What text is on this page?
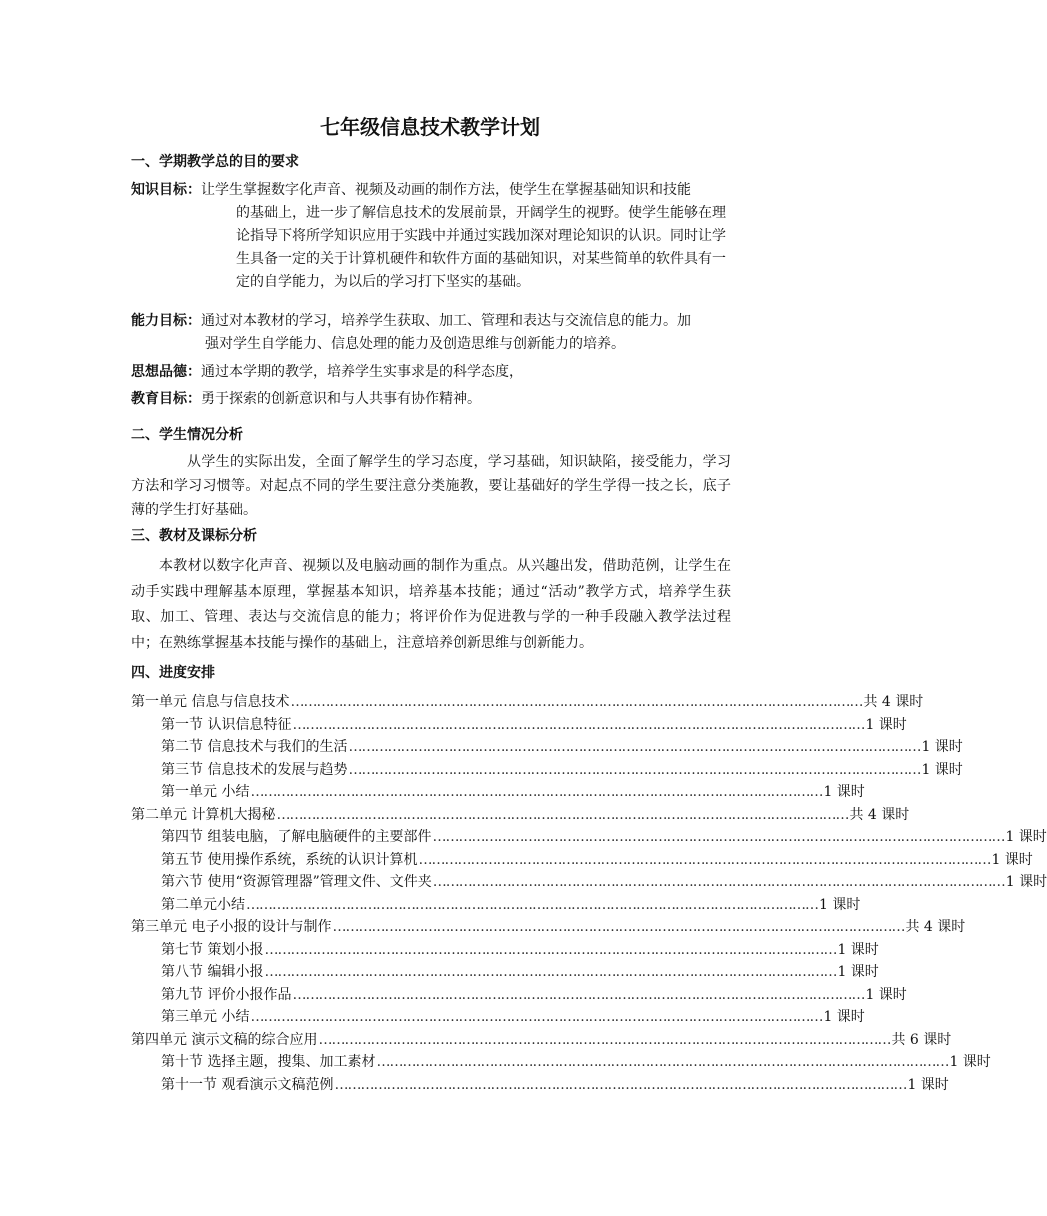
七年级信息技术教学计划
一、学期教学总的目的要求
知识目标：让学生掌握数字化声音、视频及动画的制作方法，使学生在掌握基础知识和技能
的基础上，进一步了解信息技术的发展前景，开阔学生的视野。使学生能够在理论指导下将所学知识应用于实践中并通过实践加深对理论知识的认识。同时让学生具备一定的关于计算机硬件和软件方面的基础知识，对某些简单的软件具有一定的自学能力，为以后的学习打下坚实的基础。
能力目标：通过对本教材的学习，培养学生获取、加工、管理和表达与交流信息的能力。加
强对学生自学能力、信息处理的能力及创造思维与创新能力的培养。
思想品德：通过本学期的教学，培养学生实事求是的科学态度，
教育目标：勇于探索的创新意识和与人共事有协作精神。
二、学生情况分析
从学生的实际出发，全面了解学生的学习态度，学习基础，知识缺陷，接受能力，学习方法和学习习惯等。对起点不同的学生要注意分类施教，要让基础好的学生学得一技之长，底子薄的学生打好基础。
三、教材及课标分析
本教材以数字化声音、视频以及电脑动画的制作为重点。从兴趣出发，借助范例，让学生在动手实践中理解基本原理，掌握基本知识，培养基本技能；通过“活动”教学方式，培养学生获取、加工、管理、表达与交流信息的能力；将评价作为促进教与学的一种手段融入教学法过程中；在熟练掌握基本技能与操作的基础上，注意培养创新思维与创新能力。
四、进度安排
第一单元 信息与信息技术 …………………………………………………………………………………………………………………… 共 4 课时
第一节 认识信息特征 …………………………………………………………………………………………………………………… 1 课时
第二节 信息技术与我们的生活 …………………………………………………………………………………………………………………… 1 课时
第三节 信息技术的发展与趋势 …………………………………………………………………………………………………………………… 1 课时
第一单元 小结 …………………………………………………………………………………………………………………… 1 课时
第二单元 计算机大揭秘 …………………………………………………………………………………………………………………… 共 4 课时
第四节 组装电脑，了解电脑硬件的主要部件 …………………………………………………………………………………………………………………… 1 课时
第五节 使用操作系统，系统的认识计算机 …………………………………………………………………………………………………………………… 1 课时
第六节 使用“资源管理器”管理文件、文件夹 …………………………………………………………………………………………………………………… 1 课时
第二单元小结 …………………………………………………………………………………………………………………… 1 课时
第三单元 电子小报的设计与制作 …………………………………………………………………………………………………………………… 共 4 课时
第七节 策划小报 …………………………………………………………………………………………………………………… 1 课时
第八节 编辑小报 …………………………………………………………………………………………………………………… 1 课时
第九节 评价小报作品 …………………………………………………………………………………………………………………… 1 课时
第三单元 小结 …………………………………………………………………………………………………………………… 1 课时
第四单元 演示文稿的综合应用 …………………………………………………………………………………………………………………… 共 6 课时
第十节 选择主题，搜集、加工素材 …………………………………………………………………………………………………………………… 1 课时
第十一节 观看演示文稿范例 …………………………………………………………………………………………………………………… 1 课时
